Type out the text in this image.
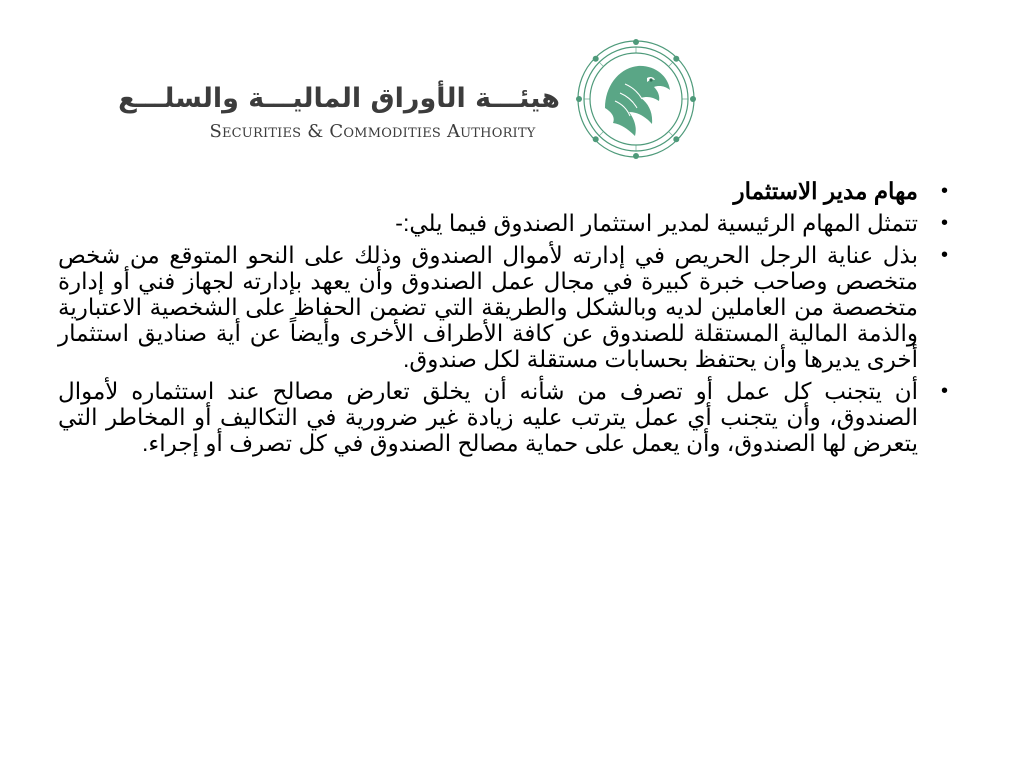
هيئـــة الأوراق الماليـــة والسلـــع
Securities & Commodities Authority
•
مهام مدير الاستثمار
•
تتمثل المهام الرئيسية لمدير استثمار الصندوق فيما يلي:-
•
بذل عناية الرجل الحريص في إدارته لأموال الصندوق وذلك على النحو المتوقع من شخص متخصص وصاحب خبرة كبيرة في مجال عمل الصندوق وأن يعهد بإدارته لجهاز فني أو إدارة متخصصة من العاملين لديه وبالشكل والطريقة التي تضمن الحفاظ على الشخصية الاعتبارية والذمة المالية المستقلة للصندوق عن كافة الأطراف الأخرى وأيضاً عن أية صناديق استثمار أخرى يديرها وأن يحتفظ بحسابات مستقلة لكل صندوق.
•
أن يتجنب كل عمل أو تصرف من شأنه أن يخلق تعارض مصالح عند استثماره لأموال الصندوق، وأن يتجنب أي عمل يترتب عليه زيادة غير ضرورية في التكاليف أو المخاطر التي يتعرض لها الصندوق، وأن يعمل على حماية مصالح الصندوق في كل تصرف أو إجراء.
